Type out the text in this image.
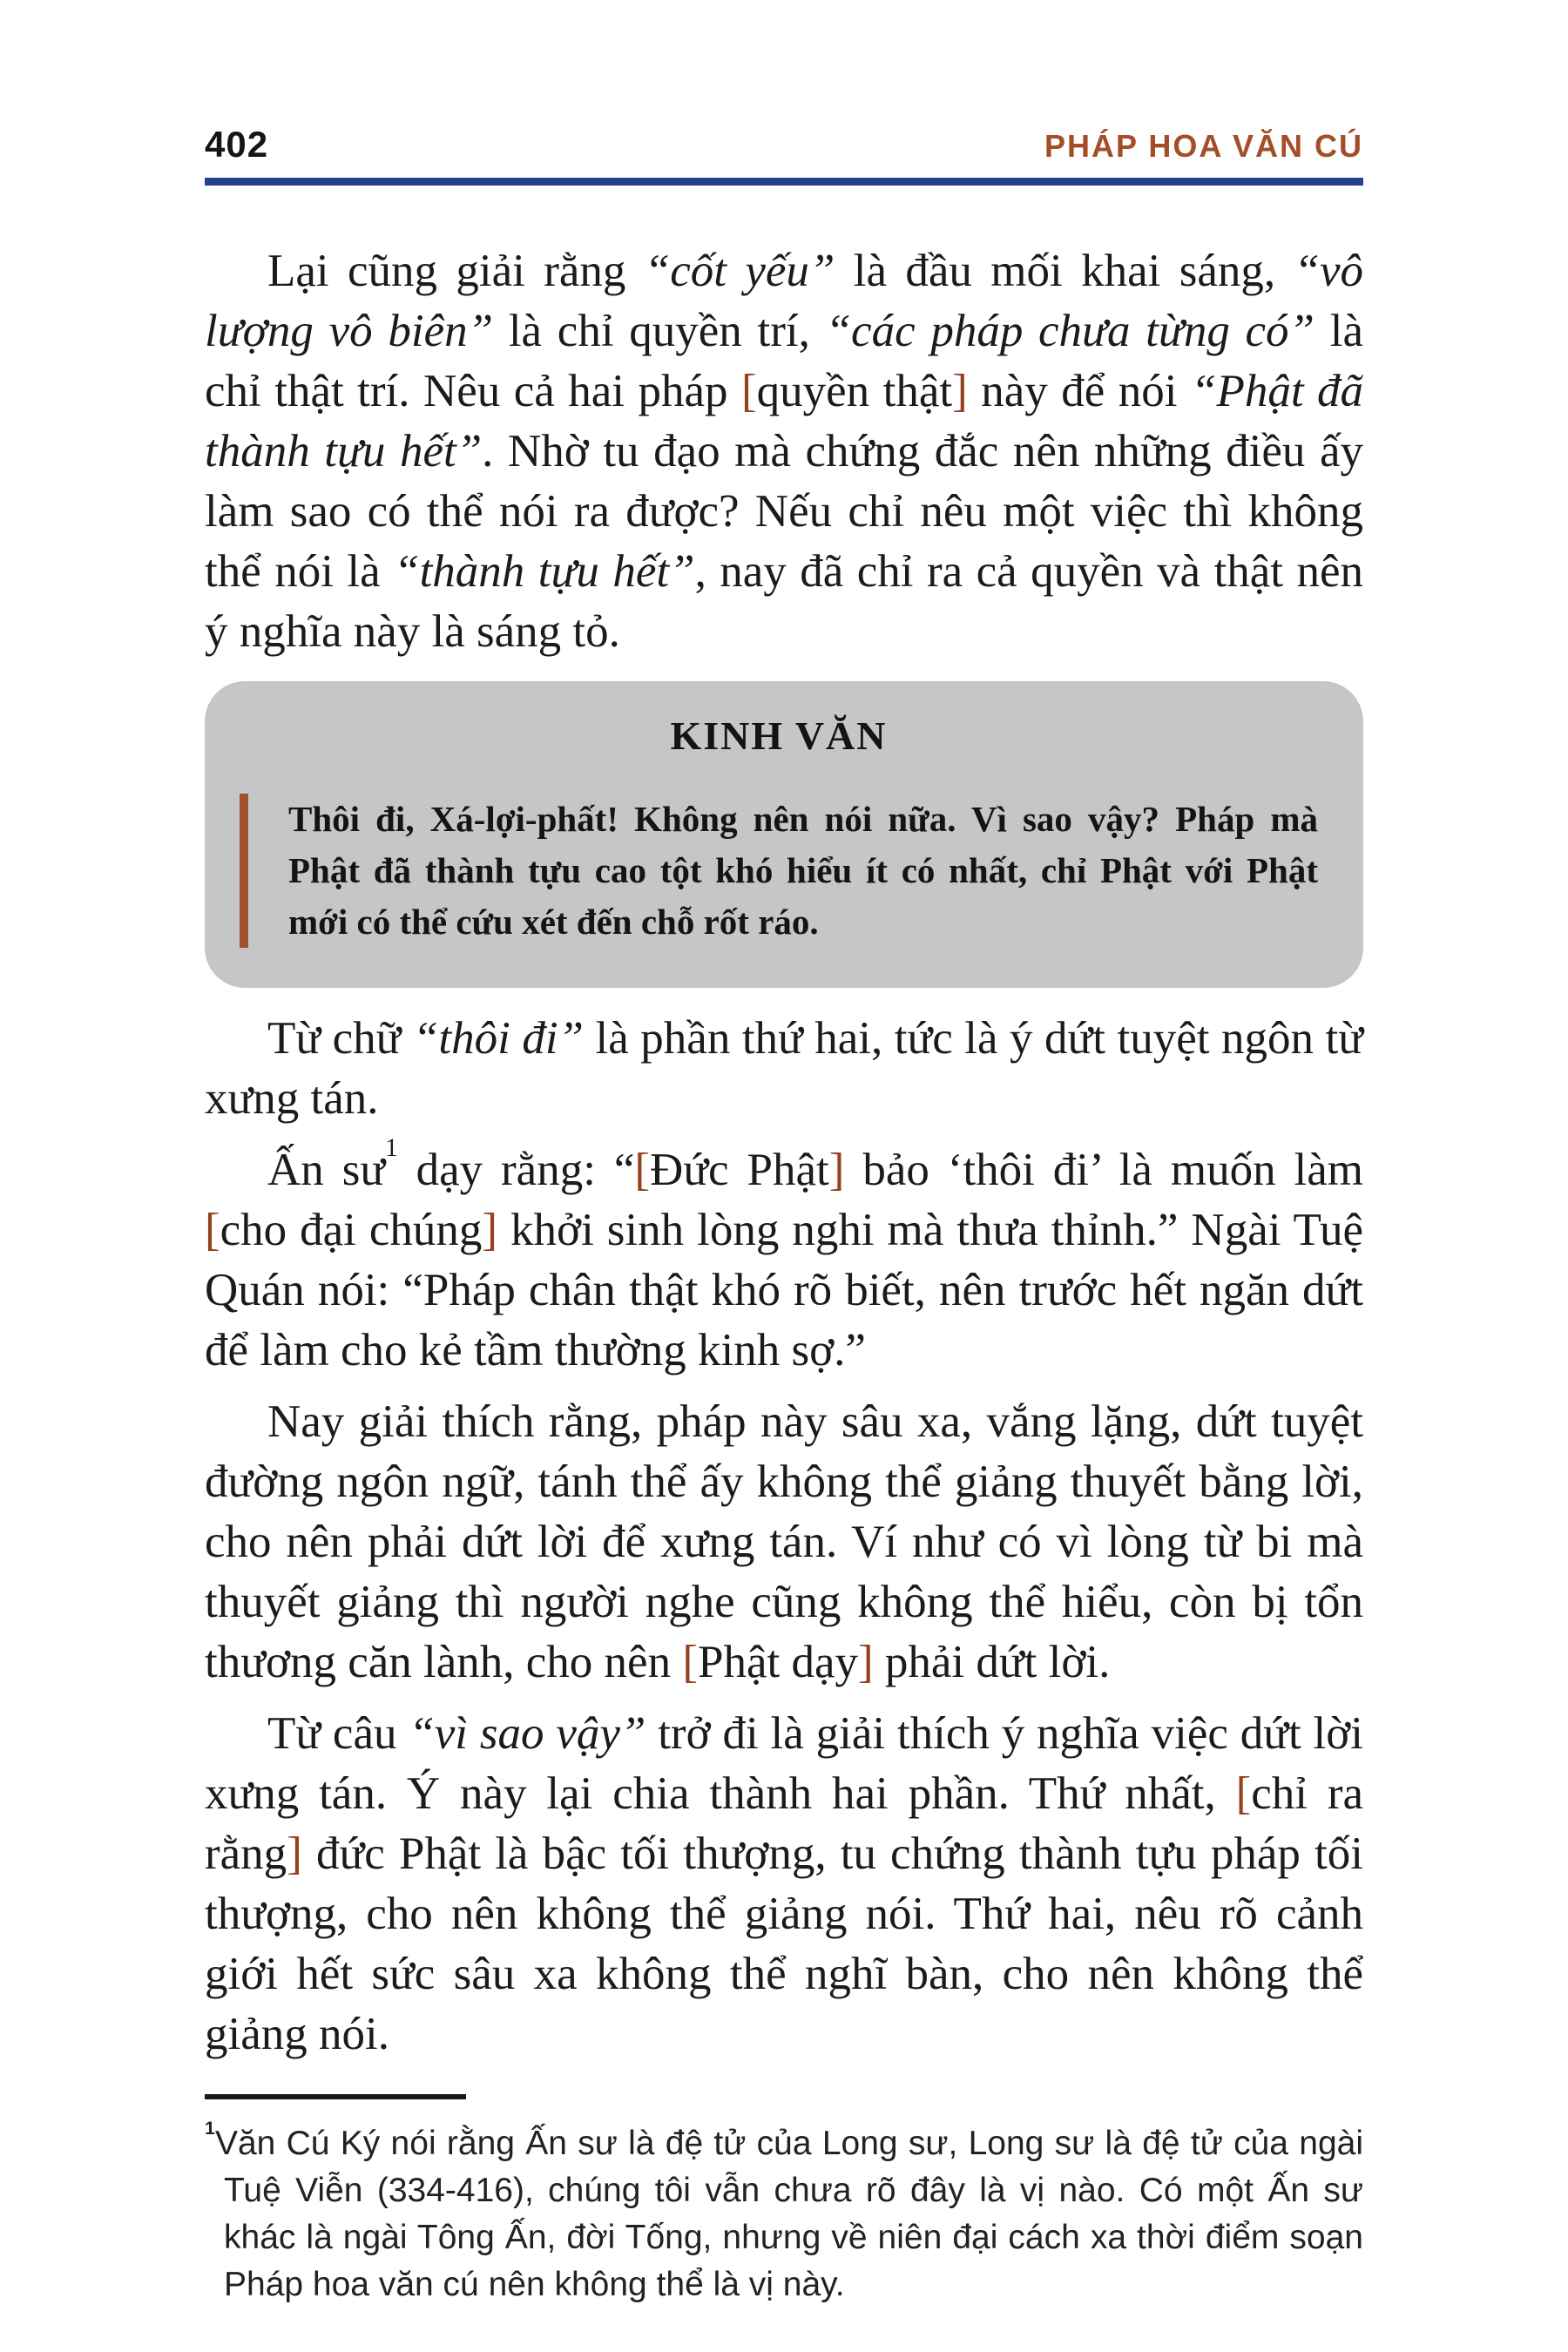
402	PHÁP HOA VĂN CÚ

Lại cũng giải rằng “cốt yếu” là đầu mối khai sáng, “vô lượng vô biên” là chỉ quyền trí, “các pháp chưa từng có” là chỉ thật trí. Nêu cả hai pháp [quyền thật] này để nói “Phật đã thành tựu hết”. Nhờ tu đạo mà chứng đắc nên những điều ấy làm sao có thể nói ra được? Nếu chỉ nêu một việc thì không thể nói là “thành tựu hết”, nay đã chỉ ra cả quyền và thật nên ý nghĩa này là sáng tỏ.

KINH VĂN
Thôi đi, Xá-lợi-phất! Không nên nói nữa. Vì sao vậy? Pháp mà Phật đã thành tựu cao tột khó hiểu ít có nhất, chỉ Phật với Phật mới có thể cứu xét đến chỗ rốt ráo.

Từ chữ “thôi đi” là phần thứ hai, tức là ý dứt tuyệt ngôn từ xưng tán.

Ấn sư$^1$ dạy rằng: “[Đức Phật] bảo ‘thôi đi’ là muốn làm [cho đại chúng] khởi sinh lòng nghi mà thưa thỉnh.” Ngài Tuệ Quán nói: “Pháp chân thật khó rõ biết, nên trước hết ngăn dứt để làm cho kẻ tầm thường kinh sợ.”

Nay giải thích rằng, pháp này sâu xa, vắng lặng, dứt tuyệt đường ngôn ngữ, tánh thể ấy không thể giảng thuyết bằng lời, cho nên phải dứt lời để xưng tán. Ví như có vì lòng từ bi mà thuyết giảng thì người nghe cũng không thể hiểu, còn bị tổn thương căn lành, cho nên [Phật dạy] phải dứt lời.

Từ câu “vì sao vậy” trở đi là giải thích ý nghĩa việc dứt lời xưng tán. Ý này lại chia thành hai phần. Thứ nhất, [chỉ ra rằng] đức Phật là bậc tối thượng, tu chứng thành tựu pháp tối thượng, cho nên không thể giảng nói. Thứ hai, nêu rõ cảnh giới hết sức sâu xa không thể nghĩ bàn, cho nên không thể giảng nói.

$^1$Văn Cú Ký nói rằng Ấn sư là đệ tử của Long sư, Long sư là đệ tử của ngài Tuệ Viễn (334-416), chúng tôi vẫn chưa rõ đây là vị nào. Có một Ấn sư khác là ngài Tông Ấn, đời Tống, nhưng về niên đại cách xa thời điểm soạn Pháp hoa văn cú nên không thể là vị này.
